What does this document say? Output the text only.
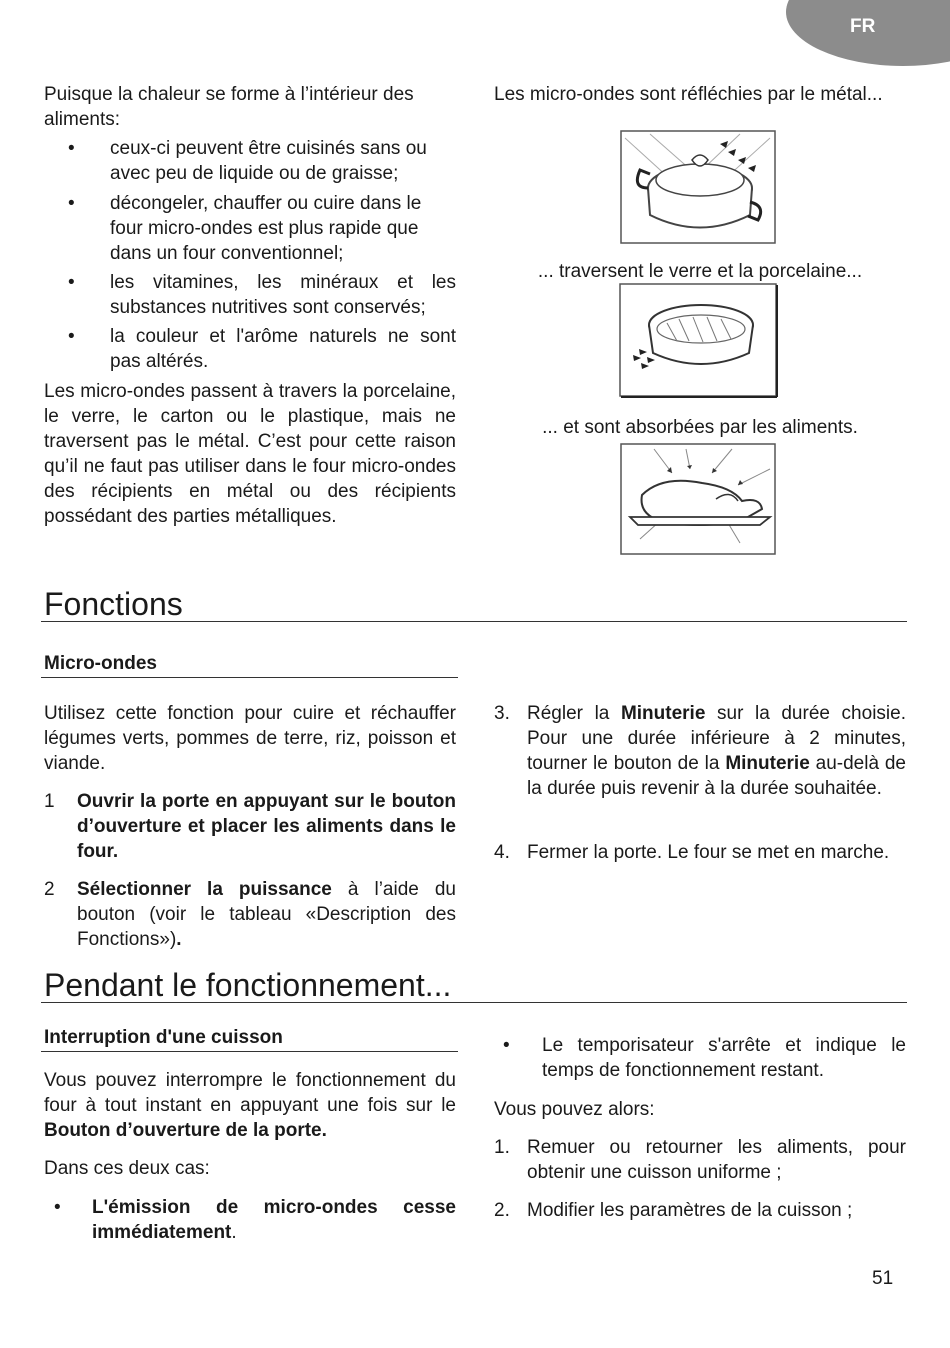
FR
Puisque la chaleur se forme à l’intérieur des aliments:
• ceux-ci peuvent être cuisinés sans ou avec peu de liquide ou de graisse;
• décongeler, chauffer ou cuire dans le four micro-ondes est plus rapide que dans un four conventionnel;
• les vitamines, les minéraux et les substances nutritives sont conservés;
• la couleur et l'arôme naturels ne sont pas altérés.
Les micro-ondes passent à travers la porcelaine, le verre, le carton ou le plastique, mais ne traversent pas le métal. C’est pour cette raison qu’il ne faut pas utiliser dans le four micro-ondes des récipients en métal ou des récipients possédant des parties métalliques.
Les micro-ondes sont réfléchies par le métal...
... traversent le verre et la porcelaine...
... et sont absorbées par les aliments.
Fonctions
Micro-ondes
Utilisez cette fonction pour cuire et réchauffer légumes verts, pommes de terre, riz, poisson et viande.
1 Ouvrir la porte en appuyant sur le bouton d’ouverture et placer les aliments dans le four.
2 Sélectionner la puissance à l’aide du bouton (voir le tableau «Description des Fonctions»).
3. Régler la Minuterie sur la durée choisie. Pour une durée inférieure à 2 minutes, tourner le bouton de la Minuterie au-delà de la durée puis revenir à la durée souhaitée.
4. Fermer la porte. Le four se met en marche.
Pendant le fonctionnement...
Interruption d'une cuisson
Vous pouvez interrompre le fonctionnement du four à tout instant en appuyant une fois sur le Bouton d’ouverture de la porte.
Dans ces deux cas:
• L'émission de micro-ondes cesse immédiatement.
• Le temporisateur s'arrête et indique le temps de fonctionnement restant.
Vous pouvez alors:
1. Remuer ou retourner les aliments, pour obtenir une cuisson uniforme ;
2. Modifier les paramètres de la cuisson ;
51
